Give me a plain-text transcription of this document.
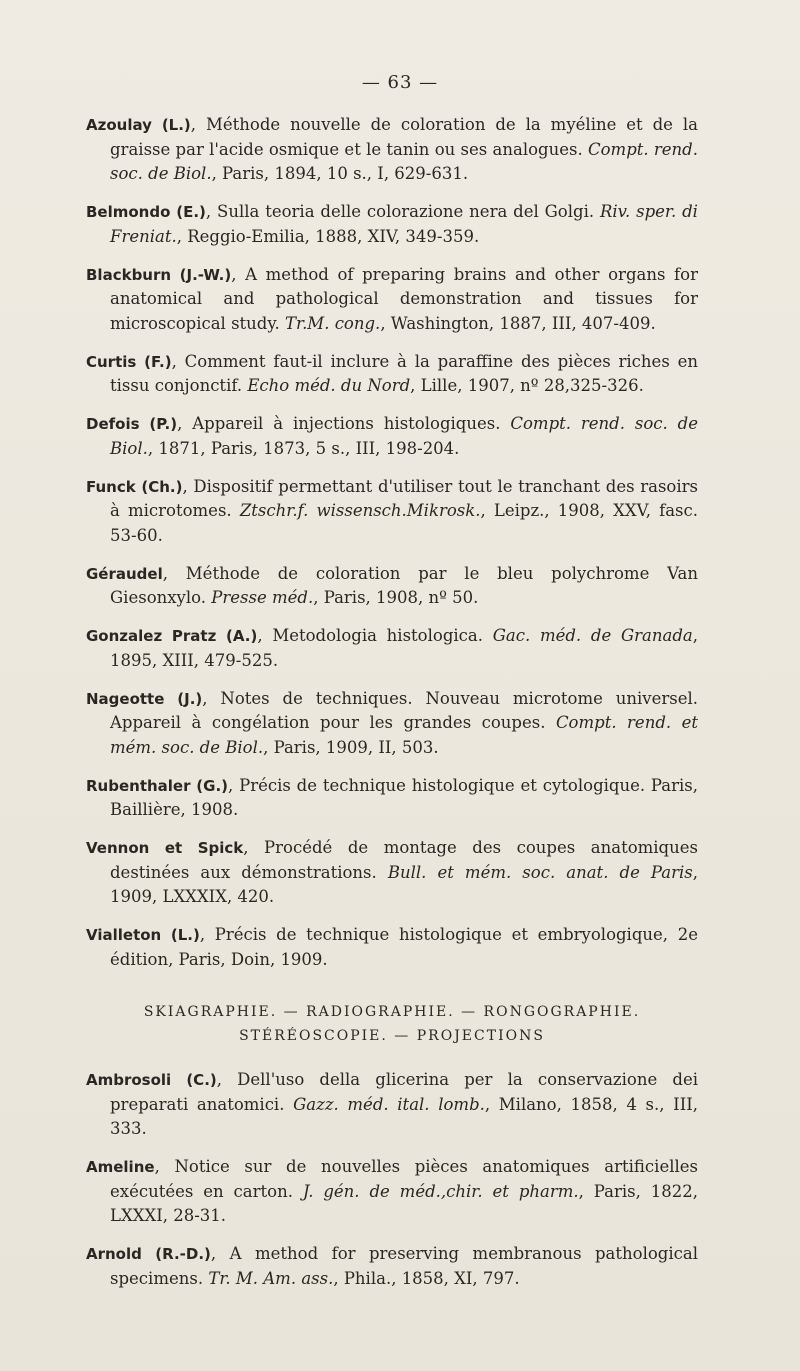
— 63 —

Azoulay (L.), Méthode nouvelle de coloration de la myéline et de la graisse par l'acide osmique et le tanin ou ses analogues. Compt. rend. soc. de Biol., Paris, 1894, 10 s., I, 629-631.

Belmondo (E.), Sulla teoria delle colorazione nera del Golgi. Riv. sper. di Freniat., Reggio-Emilia, 1888, XIV, 349-359.

Blackburn (J.-W.), A method of preparing brains and other organs for anatomical and pathological demonstration and tissues for microscopical study. Tr.M. cong., Washington, 1887, III, 407-409.

Curtis (F.), Comment faut-il inclure à la paraffine des pièces riches en tissu conjonctif. Echo méd. du Nord, Lille, 1907, nº 28,325-326.

Defois (P.), Appareil à injections histologiques. Compt. rend. soc. de Biol., 1871, Paris, 1873, 5 s., III, 198-204.

Funck (Ch.), Dispositif permettant d'utiliser tout le tranchant des rasoirs à microtomes. Ztschr.f. wissensch.Mikrosk., Leipz., 1908, XXV, fasc. 53-60.

Géraudel, Méthode de coloration par le bleu polychrome Van Giesonxylo. Presse méd., Paris, 1908, nº 50.

Gonzalez Pratz (A.), Metodologia histologica. Gac. méd. de Granada, 1895, XIII, 479-525.

Nageotte (J.), Notes de techniques. Nouveau microtome universel. Appareil à congélation pour les grandes coupes. Compt. rend. et mém. soc. de Biol., Paris, 1909, II, 503.

Rubenthaler (G.), Précis de technique histologique et cytologique. Paris, Baillière, 1908.

Vennon et Spick, Procédé de montage des coupes anatomiques destinées aux démonstrations. Bull. et mém. soc. anat. de Paris, 1909, LXXXIX, 420.

Vialleton (L.), Précis de technique histologique et embryologique, 2e édition, Paris, Doin, 1909.

SKIAGRAPHIE. — RADIOGRAPHIE. — RONGOGRAPHIE.
STÉRÉOSCOPIE. — PROJECTIONS

Ambrosoli (C.), Dell'uso della glicerina per la conservazione dei preparati anatomici. Gazz. méd. ital. lomb., Milano, 1858, 4 s., III, 333.

Ameline, Notice sur de nouvelles pièces anatomiques artificielles exécutées en carton. J. gén. de méd.,chir. et pharm., Paris, 1822, LXXXI, 28-31.

Arnold (R.-D.), A method for preserving membranous pathological specimens. Tr. M. Am. ass., Phila., 1858, XI, 797.
